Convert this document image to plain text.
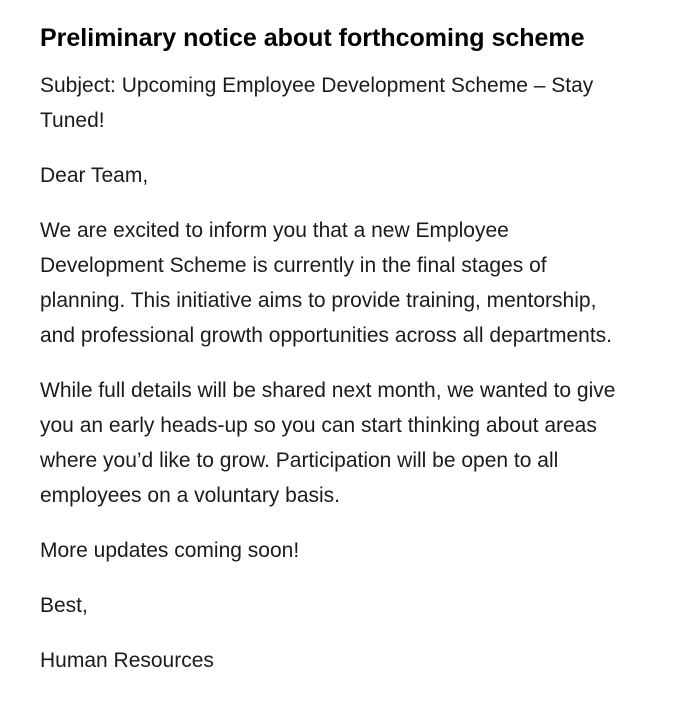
Preliminary notice about forthcoming scheme

Subject: Upcoming Employee Development Scheme – Stay Tuned!

Dear Team,

We are excited to inform you that a new Employee Development Scheme is currently in the final stages of planning. This initiative aims to provide training, mentorship, and professional growth opportunities across all departments.

While full details will be shared next month, we wanted to give you an early heads-up so you can start thinking about areas where you’d like to grow. Participation will be open to all employees on a voluntary basis.

More updates coming soon!

Best,

Human Resources
